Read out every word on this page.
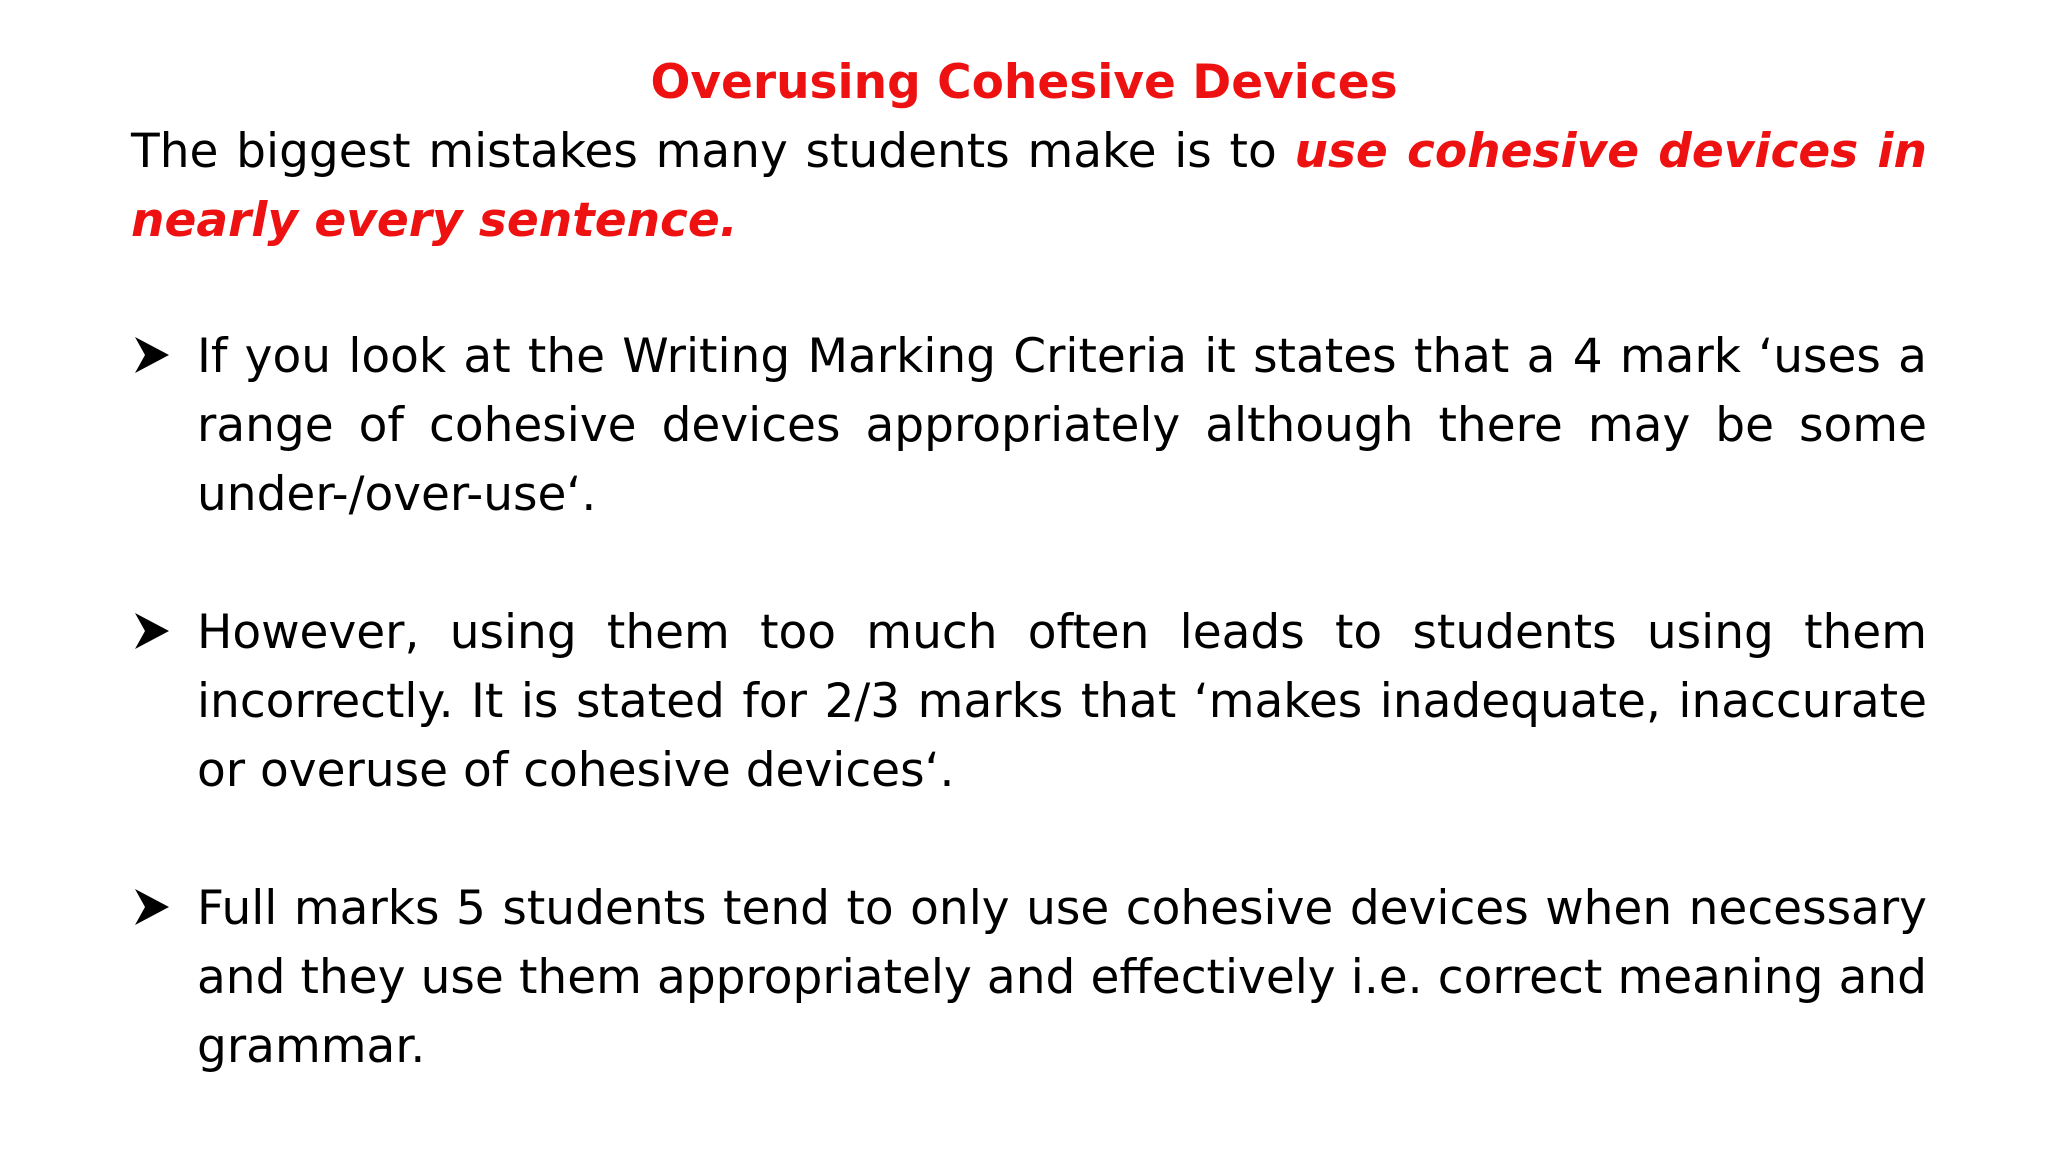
Overusing Cohesive Devices

The biggest mistakes many students make is to use cohesive devices in nearly every sentence.

If you look at the Writing Marking Criteria it states that a 4 mark ‘uses a range of cohesive devices appropriately although there may be some under-/over-use‘.
However, using them too much often leads to students using them incorrectly. It is stated for 2/3 marks that ‘makes inadequate, inaccurate or overuse of cohesive devices‘.
Full marks 5 students tend to only use cohesive devices when necessary and they use them appropriately and effectively i.e. correct meaning and grammar.
